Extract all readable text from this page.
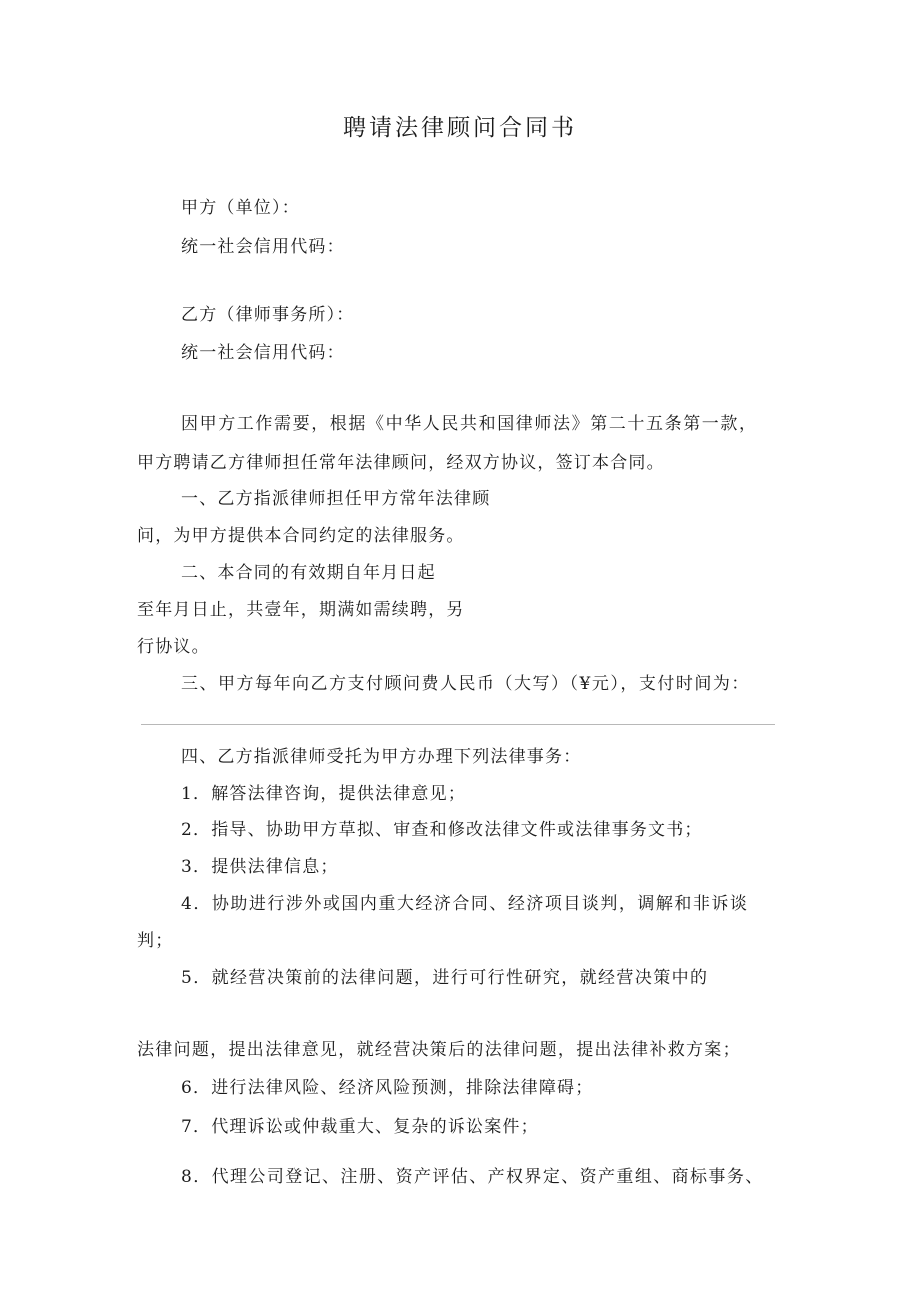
聘请法律顾问合同书
甲方（单位）：
统一社会信用代码：
乙方（律师事务所）：
统一社会信用代码：
因甲方工作需要，根据《中华人民共和国律师法》第二十五条第一款，
甲方聘请乙方律师担任常年法律顾问，经双方协议，签订本合同。
一、乙方指派律师担任甲方常年法律顾
问，为甲方提供本合同约定的法律服务。
二、本合同的有效期自年月日起
至年月日止，共壹年，期满如需续聘，另
行协议。
三、甲方每年向乙方支付顾问费人民币（大写）（¥元），支付时间为：
四、乙方指派律师受托为甲方办理下列法律事务：
1．解答法律咨询，提供法律意见；
2．指导、协助甲方草拟、审查和修改法律文件或法律事务文书；
3．提供法律信息；
4．协助进行涉外或国内重大经济合同、经济项目谈判，调解和非诉谈
判；
5．就经营决策前的法律问题，进行可行性研究，就经营决策中的
法律问题，提出法律意见，就经营决策后的法律问题，提出法律补救方案；
6．进行法律风险、经济风险预测，排除法律障碍；
7．代理诉讼或仲裁重大、复杂的诉讼案件；
8．代理公司登记、注册、资产评估、产权界定、资产重组、商标事务、
